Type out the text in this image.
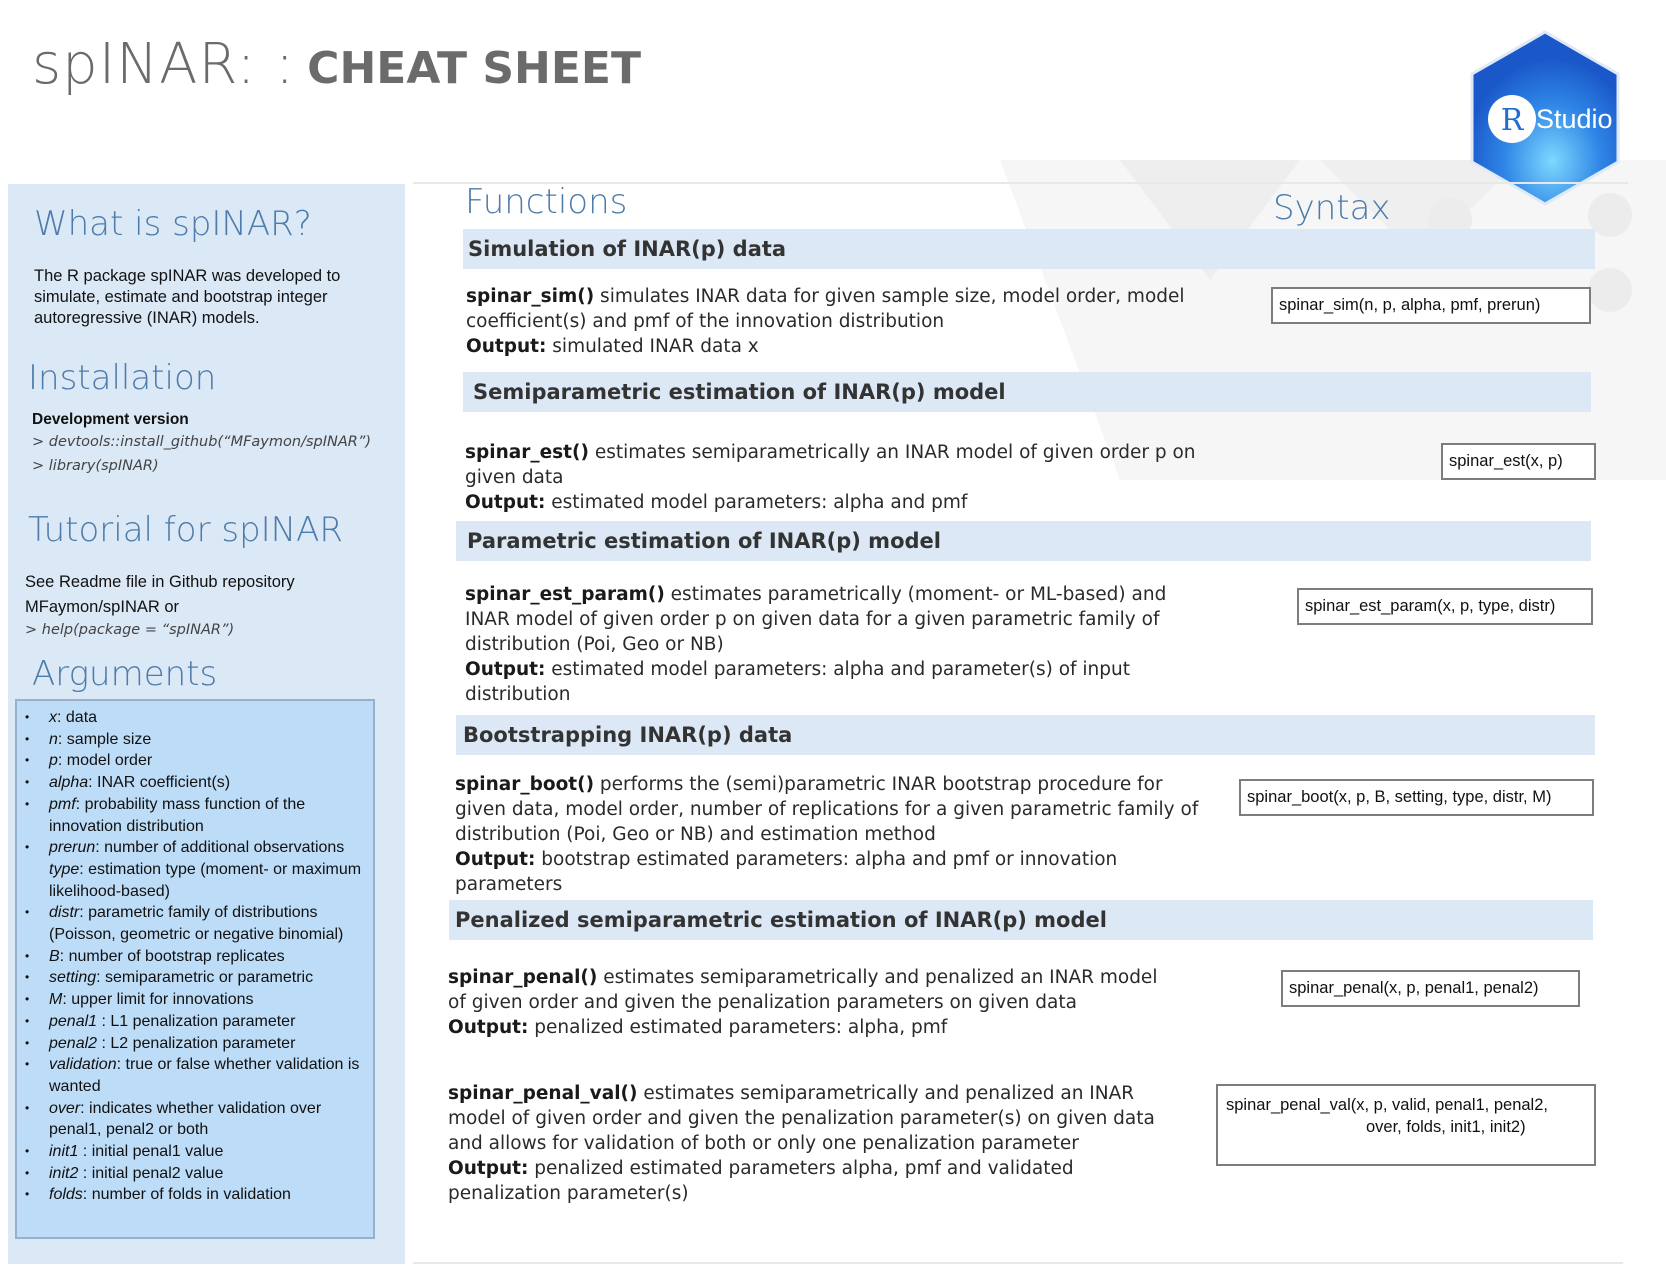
spINAR: : CHEAT SHEET
R Studio
What is spINAR?
The R package spINAR was developed to simulate, estimate and bootstrap integer autoregressive (INAR) models.
Installation
Development version
> devtools::install_github(“MFaymon/spINAR”)
> library(spINAR)
Tutorial for spINAR
See Readme file in Github repository
MFaymon/spINAR or
> help(package = “spINAR”)
Arguments
• x: data
• n: sample size
• p: model order
• alpha: INAR coefficient(s)
• pmf: probability mass function of the innovation distribution
• prerun: number of additional observations type: estimation type (moment- or maximum likelihood-based)
• distr: parametric family of distributions (Poisson, geometric or negative binomial)
• B: number of bootstrap replicates
• setting: semiparametric or parametric
• M: upper limit for innovations
• penal1 : L1 penalization parameter
• penal2 : L2 penalization parameter
• validation: true or false whether validation is wanted
• over: indicates whether validation over penal1, penal2 or both
• init1 : initial penal1 value
• init2 : initial penal2 value
• folds: number of folds in validation
Functions	Syntax
Simulation of INAR(p) data
spinar_sim() simulates INAR data for given sample size, model order, model coefficient(s) and pmf of the innovation distribution
Output: simulated INAR data x
spinar_sim(n, p, alpha, pmf, prerun)
Semiparametric estimation of INAR(p) model
spinar_est() estimates semiparametrically an INAR model of given order p on given data
Output: estimated model parameters: alpha and pmf
spinar_est(x, p)
Parametric estimation of INAR(p) model
spinar_est_param() estimates parametrically (moment- or ML-based) and INAR model of given order p on given data for a given parametric family of distribution (Poi, Geo or NB)
Output: estimated model parameters: alpha and parameter(s) of input distribution
spinar_est_param(x, p, type, distr)
Bootstrapping INAR(p) data
spinar_boot() performs the (semi)parametric INAR bootstrap procedure for given data, model order, number of replications for a given parametric family of distribution (Poi, Geo or NB) and estimation method
Output: bootstrap estimated parameters: alpha and pmf or innovation parameters
spinar_boot(x, p, B, setting, type, distr, M)
Penalized semiparametric estimation of INAR(p) model
spinar_penal() estimates semiparametrically and penalized an INAR model of given order and given the penalization parameters on given data
Output: penalized estimated parameters: alpha, pmf
spinar_penal(x, p, penal1, penal2)
spinar_penal_val() estimates semiparametrically and penalized an INAR model of given order and given the penalization parameter(s) on given data and allows for validation of both or only one penalization parameter
Output: penalized estimated parameters alpha, pmf and validated penalization parameter(s)
spinar_penal_val(x, p, valid, penal1, penal2,
over, folds, init1, init2)
